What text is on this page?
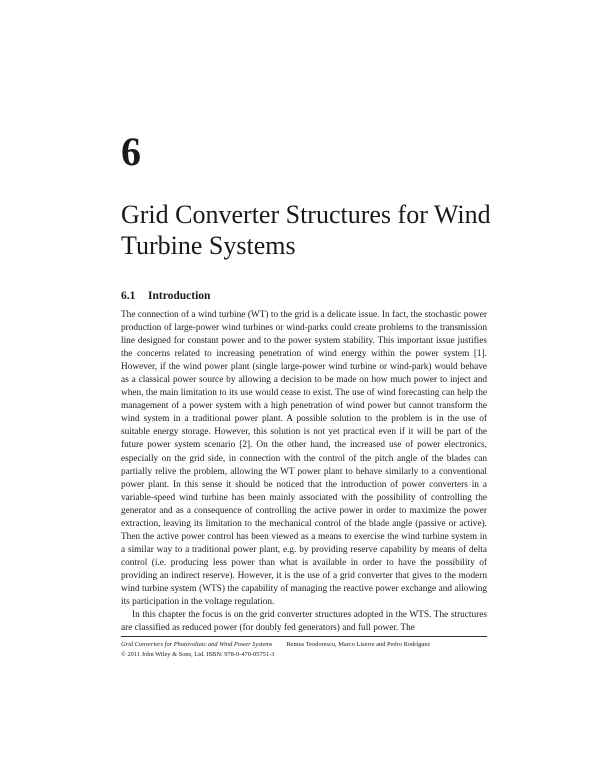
6
Grid Converter Structures for Wind Turbine Systems
6.1 Introduction

The connection of a wind turbine (WT) to the grid is a delicate issue. In fact, the stochastic power production of large-power wind turbines or wind-parks could create problems to the transmission line designed for constant power and to the power system stability. This important issue justifies the concerns related to increasing penetration of wind energy within the power system [1]. However, if the wind power plant (single large-power wind turbine or wind-park) would behave as a classical power source by allowing a decision to be made on how much power to inject and when, the main limitation to its use would cease to exist. The use of wind forecasting can help the management of a power system with a high penetration of wind power but cannot transform the wind system in a traditional power plant. A possible solution to the problem is in the use of suitable energy storage. However, this solution is not yet practical even if it will be part of the future power system scenario [2]. On the other hand, the increased use of power electronics, especially on the grid side, in connection with the control of the pitch angle of the blades can partially relive the problem, allowing the WT power plant to behave similarly to a conventional power plant. In this sense it should be noticed that the introduction of power converters in a variable-speed wind turbine has been mainly associated with the possibility of controlling the generator and as a consequence of controlling the active power in order to maximize the power extraction, leaving its limitation to the mechanical control of the blade angle (passive or active). Then the active power control has been viewed as a means to exercise the wind turbine system in a similar way to a traditional power plant, e.g. by providing reserve capability by means of delta control (i.e. producing less power than what is available in order to have the possibility of providing an indirect reserve). However, it is the use of a grid converter that gives to the modern wind turbine system (WTS) the capability of managing the reactive power exchange and allowing its participation in the voltage regulation.

In this chapter the focus is on the grid converter structures adopted in the WTS. The structures are classified as reduced power (for doubly fed generators) and full power. The

Grid Converters for Photovoltaic and Wind Power Systems Remus Teodorescu, Marco Liserre and Pedro Rodríguez
© 2011 John Wiley & Sons, Ltd. ISBN: 978-0-470-05751-3
